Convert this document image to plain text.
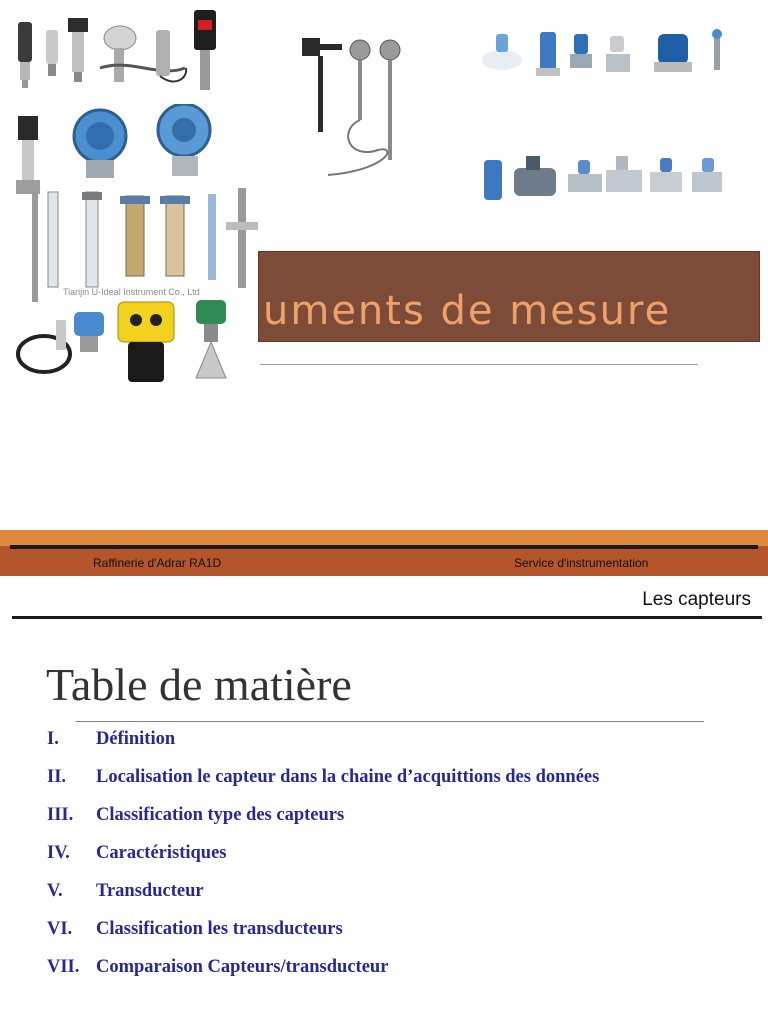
Tianjin U-Ideal Instrument Co., Ltd uments de mesure
Raffinerie d'Adrar RA1D	Service d'instrumentation
Les capteurs
Table de matière
I. Définition
II. Localisation le capteur dans la chaine d’acquittions des données
III. Classification type des capteurs
IV. Caractéristiques
V. Transducteur
VI. Classification les transducteurs
VII. Comparaison Capteurs/transducteur
